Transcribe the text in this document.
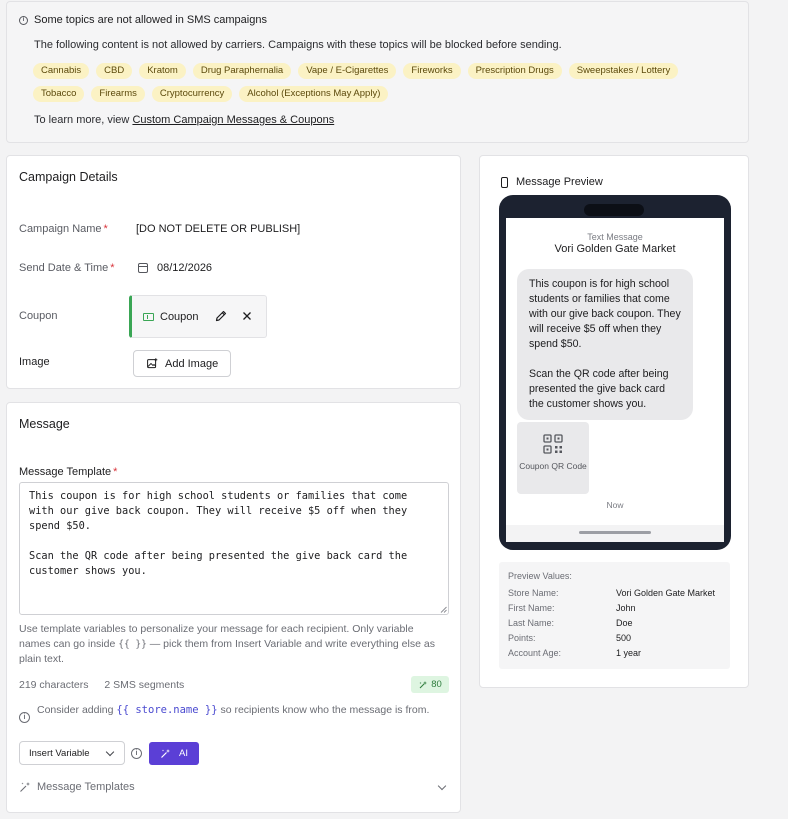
i Some topics are not allowed in SMS campaigns
The following content is not allowed by carriers. Campaigns with these topics will be blocked before sending.
Cannabis	CBD	Kratom	Drug Paraphernalia	Vape / E-Cigarettes	Fireworks	Prescription Drugs	Sweepstakes / Lottery
Tobacco	Firearms	Cryptocurrency	Alcohol (Exceptions May Apply)
To learn more, view Custom Campaign Messages & Coupons
Campaign Details
Campaign Name *	[DO NOT DELETE OR PUBLISH]
Send Date & Time *	08/12/2026
Coupon	Coupon
Image	Add Image
Message
Message Template *
This coupon is for high school students or families that come
with our give back coupon. They will receive $5 off when they
spend $50.

Scan the QR code after being presented the give back card the
customer shows you.
Use template variables to personalize your message for each recipient. Only variable names can go inside {{ }} — pick them from Insert Variable and write everything else as plain text.
219 characters 2 SMS segments	80
i
Consider adding {{ store.name }} so recipients know who the message is from.
Insert Variable	i	AI
Message Templates
Message Preview
Text Message
Vori Golden Gate Market
This coupon is for high school students or families that come with our give back coupon. They will receive $5 off when they spend $50.

Scan the QR code after being presented the give back card the customer shows you.
Coupon QR Code
Now
Preview Values:
Store Name:	Vori Golden Gate Market
First Name:	John
Last Name:	Doe
Points:	500
Account Age:	1 year
